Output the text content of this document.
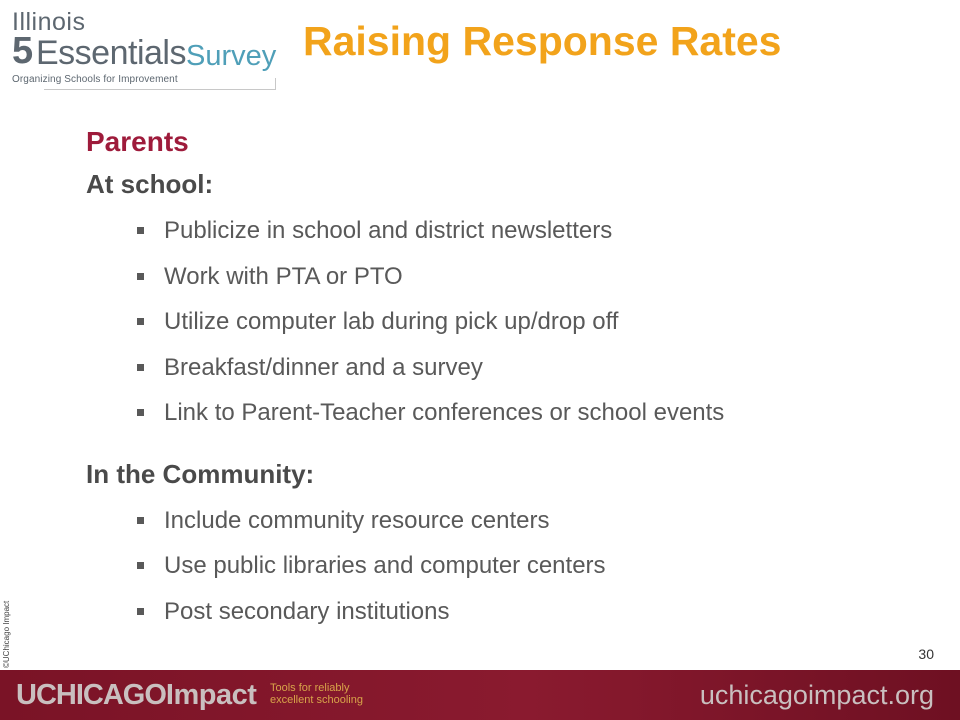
Illinois
5 Essentials Survey
Organizing Schools for Improvement
Raising Response Rates
Parents
At school:
Publicize in school and district newsletters
Work with PTA or PTO
Utilize computer lab during pick up/drop off
Breakfast/dinner and a survey
Link to Parent-Teacher conferences or school events
In the Community:
Include community resource centers
Use public libraries and computer centers
Post secondary institutions
©UChicago Impact	30
UCHICAGOImpact Tools for reliably excellent schooling	uchicagoimpact.org
